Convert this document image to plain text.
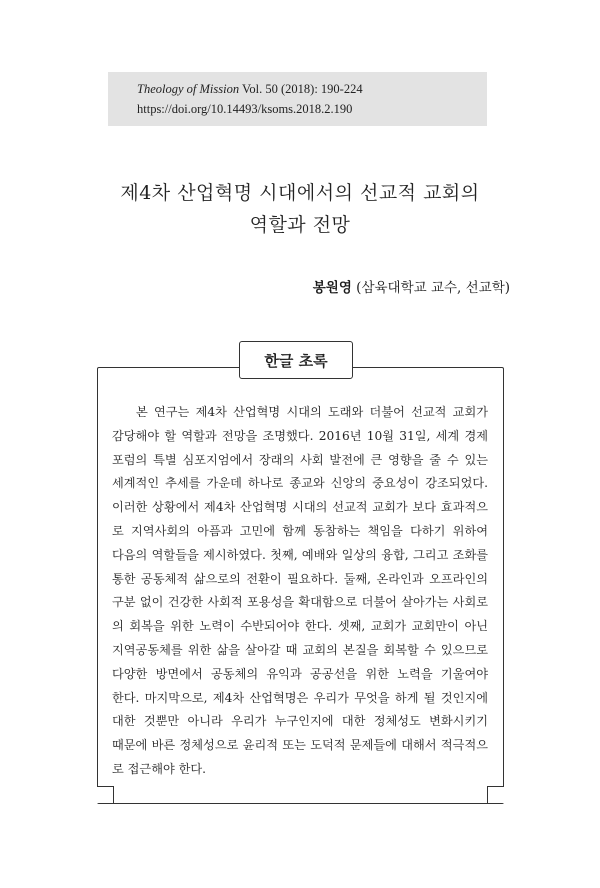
Theology of Mission Vol. 50 (2018): 190-224
https://doi.org/10.14493/ksoms.2018.2.190
제4차 산업혁명 시대에서의 선교적 교회의
역할과 전망
봉원영 (삼육대학교 교수, 선교학)
한글 초록
본 연구는 제4차 산업혁명 시대의 도래와 더불어 선교적 교회가
감당해야 할 역할과 전망을 조명했다. 2016년 10월 31일, 세계 경제
포럼의 특별 심포지엄에서 장래의 사회 발전에 큰 영향을 줄 수 있는
세계적인 추세를 가운데 하나로 종교와 신앙의 중요성이 강조되었다.
이러한 상황에서 제4차 산업혁명 시대의 선교적 교회가 보다 효과적으
로 지역사회의 아픔과 고민에 함께 동참하는 책임을 다하기 위하여
다음의 역할들을 제시하였다. 첫째, 예배와 일상의 융합, 그리고 조화를
통한 공동체적 삶으로의 전환이 필요하다. 둘째, 온라인과 오프라인의
구분 없이 건강한 사회적 포용성을 확대함으로 더불어 살아가는 사회로
의 회복을 위한 노력이 수반되어야 한다. 셋째, 교회가 교회만이 아닌
지역공동체를 위한 삶을 살아갈 때 교회의 본질을 회복할 수 있으므로
다양한 방면에서 공동체의 유익과 공공선을 위한 노력을 기울여야
한다. 마지막으로, 제4차 산업혁명은 우리가 무엇을 하게 될 것인지에
대한 것뿐만 아니라 우리가 누구인지에 대한 정체성도 변화시키기
때문에 바른 정체성으로 윤리적 또는 도덕적 문제들에 대해서 적극적으
로 접근해야 한다.
